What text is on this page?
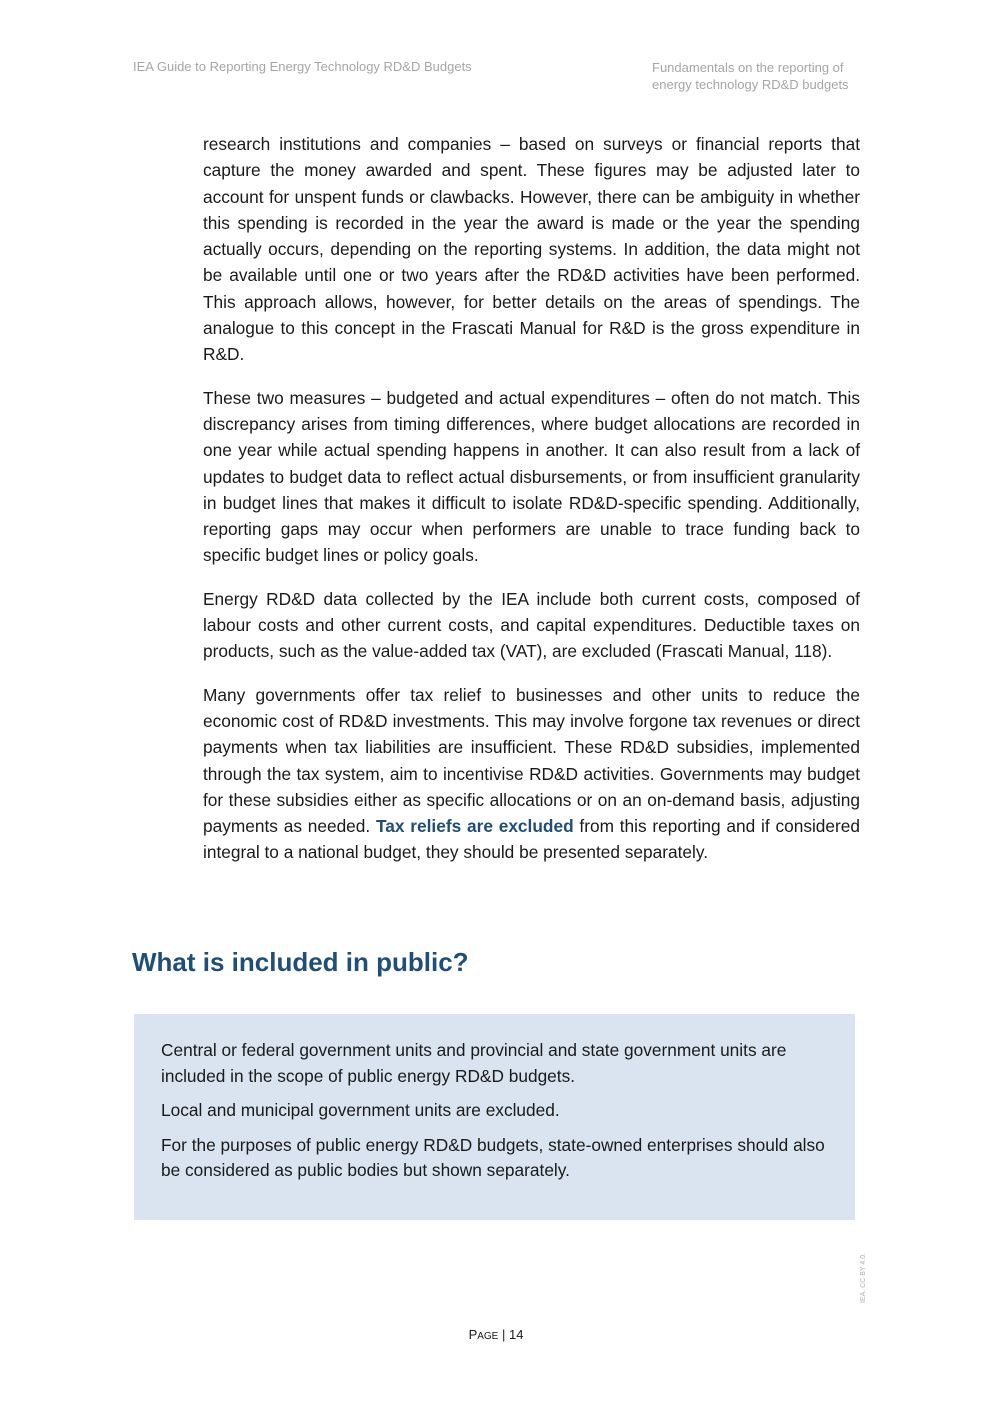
IEA Guide to Reporting Energy Technology RD&D Budgets	Fundamentals on the reporting of
energy technology RD&D budgets

research institutions and companies – based on surveys or financial reports that capture the money awarded and spent. These figures may be adjusted later to account for unspent funds or clawbacks. However, there can be ambiguity in whether this spending is recorded in the year the award is made or the year the spending actually occurs, depending on the reporting systems. In addition, the data might not be available until one or two years after the RD&D activities have been performed. This approach allows, however, for better details on the areas of spendings. The analogue to this concept in the Frascati Manual for R&D is the gross expenditure in R&D.

These two measures – budgeted and actual expenditures – often do not match. This discrepancy arises from timing differences, where budget allocations are recorded in one year while actual spending happens in another. It can also result from a lack of updates to budget data to reflect actual disbursements, or from insufficient granularity in budget lines that makes it difficult to isolate RD&D-specific spending. Additionally, reporting gaps may occur when performers are unable to trace funding back to specific budget lines or policy goals.

Energy RD&D data collected by the IEA include both current costs, composed of labour costs and other current costs, and capital expenditures. Deductible taxes on products, such as the value-added tax (VAT), are excluded (Frascati Manual, 118).

Many governments offer tax relief to businesses and other units to reduce the economic cost of RD&D investments. This may involve forgone tax revenues or direct payments when tax liabilities are insufficient. These RD&D subsidies, implemented through the tax system, aim to incentivise RD&D activities. Governments may budget for these subsidies either as specific allocations or on an on-demand basis, adjusting payments as needed. Tax reliefs are excluded from this reporting and if considered integral to a national budget, they should be presented separately.

What is included in public?

Central or federal government units and provincial and state government units are included in the scope of public energy RD&D budgets.

Local and municipal government units are excluded.

For the purposes of public energy RD&D budgets, state-owned enterprises should also be considered as public bodies but shown separately.

PAGE | 14
IEA. CC BY 4.0.
